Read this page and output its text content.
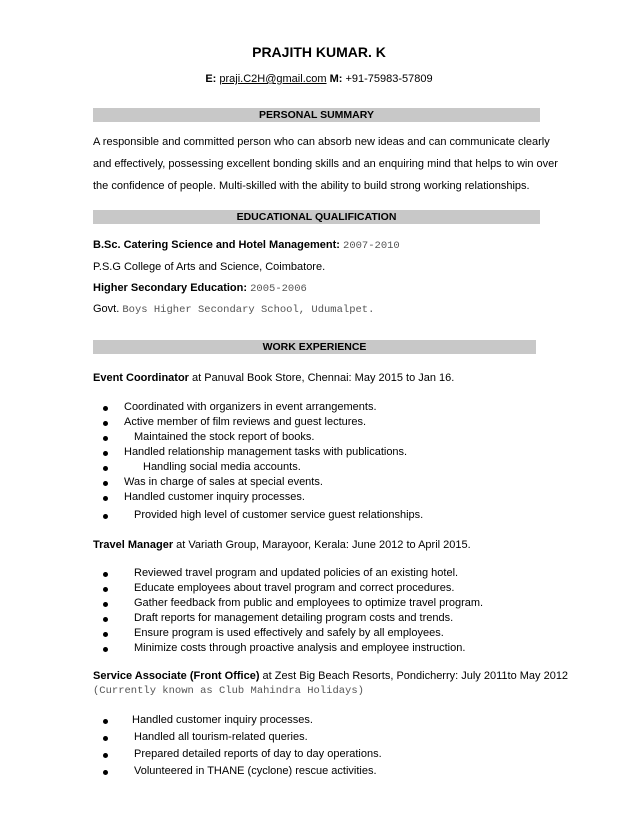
PRAJITH KUMAR. K
E: praji.C2H@gmail.com M: +91-75983-57809
PERSONAL SUMMARY
A responsible and committed person who can absorb new ideas and can communicate clearly
and effectively, possessing excellent bonding skills and an enquiring mind that helps to win over
the confidence of people. Multi-skilled with the ability to build strong working relationships.
EDUCATIONAL QUALIFICATION
B.Sc. Catering Science and Hotel Management: 2007-2010
P.S.G College of Arts and Science, Coimbatore.
Higher Secondary Education: 2005-2006
Govt. Boys Higher Secondary School, Udumalpet.
WORK EXPERIENCE
Event Coordinator at Panuval Book Store, Chennai: May 2015 to Jan 16.
Coordinated with organizers in event arrangements.
Active member of film reviews and guest lectures.
Maintained the stock report of books.
Handled relationship management tasks with publications.
Handling social media accounts.
Was in charge of sales at special events.
Handled customer inquiry processes.
Provided high level of customer service guest relationships.
Travel Manager at Variath Group, Marayoor, Kerala: June 2012 to April 2015.
Reviewed travel program and updated policies of an existing hotel.
Educate employees about travel program and correct procedures.
Gather feedback from public and employees to optimize travel program.
Draft reports for management detailing program costs and trends.
Ensure program is used effectively and safely by all employees.
Minimize costs through proactive analysis and employee instruction.
Service Associate (Front Office) at Zest Big Beach Resorts, Pondicherry: July 2011to May 2012
(Currently known as Club Mahindra Holidays)
Handled customer inquiry processes.
Handled all tourism-related queries.
Prepared detailed reports of day to day operations.
Volunteered in THANE (cyclone) rescue activities.
